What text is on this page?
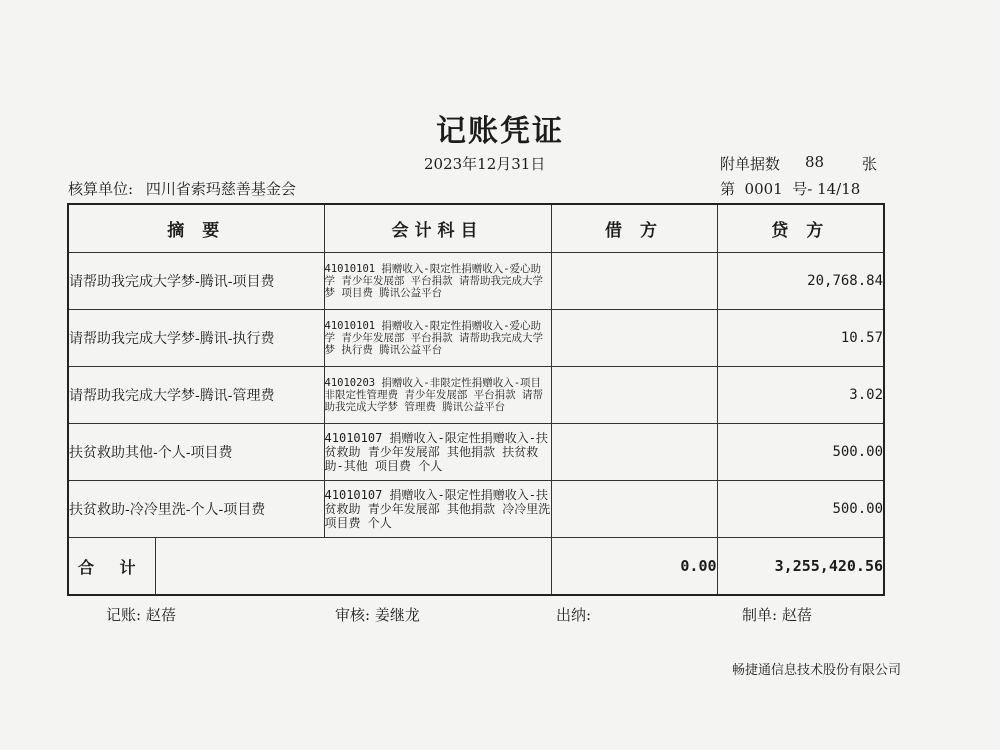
记账凭证
2023年12月31日	附单据数 88	张
核算单位: 四川省索玛慈善基金会	第  0001  号- 14/18
摘 要		会计科目	借 方	贷 方
请帮助我完成大学梦-腾讯-项目费		41010101 捐赠收入-限定性捐赠收入-爱心助学 青少年发展部 平台捐款 请帮助我完成大学梦 项目费 腾讯公益平台		20,768.84
请帮助我完成大学梦-腾讯-执行费		41010101 捐赠收入-限定性捐赠收入-爱心助学 青少年发展部 平台捐款 请帮助我完成大学梦 执行费 腾讯公益平台		10.57
请帮助我完成大学梦-腾讯-管理费		41010203 捐赠收入-非限定性捐赠收入-项目非限定性管理费 青少年发展部 平台捐款 请帮助我完成大学梦 管理费 腾讯公益平台		3.02
扶贫救助其他-个人-项目费		41010107 捐赠收入-限定性捐赠收入-扶贫救助 青少年发展部 其他捐款 扶贫救助-其他 项目费 个人		500.00
扶贫救助-冷冷里洗-个人-项目费		41010107 捐赠收入-限定性捐赠收入-扶贫救助 青少年发展部 其他捐款 冷冷里洗 项目费 个人		500.00
合 计			0.00	3,255,420.56
记账: 赵蓓	审核: 姜继龙	出纳:	制单: 赵蓓
畅捷通信息技术股份有限公司
